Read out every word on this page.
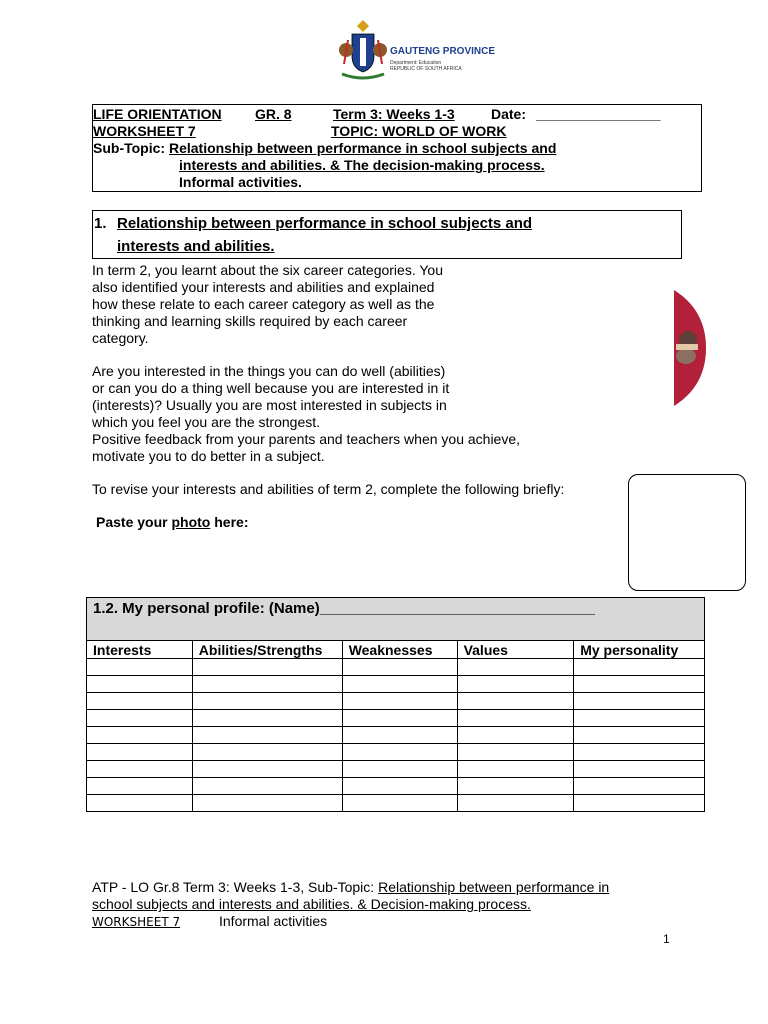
GAUTENG PROVINCE
Department: Education
REPUBLIC OF SOUTH AFRICA
LIFE ORIENTATION GR. 8	Term 3: Weeks 1-3	Date: ________________
WORKSHEET 7	TOPIC: WORLD OF WORK
Sub-Topic: Relationship between performance in school subjects and
interests and abilities. & The decision-making process.
Informal activities.
1. Relationship between performance in school subjects and
interests and abilities.
In term 2, you learnt about the six career categories. You
also identified your interests and abilities and explained
how these relate to each career category as well as the
thinking and learning skills required by each career
category.
Are you interested in the things you can do well (abilities)
or can you do a thing well because you are interested in it
(interests)? Usually you are most interested in subjects in
which you feel you are the strongest.
Positive feedback from your parents and teachers when you achieve,
motivate you to do better in a subject.
To revise your interests and abilities of term 2, complete the following briefly:
Paste your photo here:
1.2. My personal profile: (Name)_________________________________				
Interests	Abilities/Strengths	Weaknesses	Values	My personality

ATP - LO Gr.8 Term 3: Weeks 1-3, Sub-Topic: Relationship between performance in
school subjects and interests and abilities. & Decision-making process.
WORKSHEET 7	Informal activities
1
